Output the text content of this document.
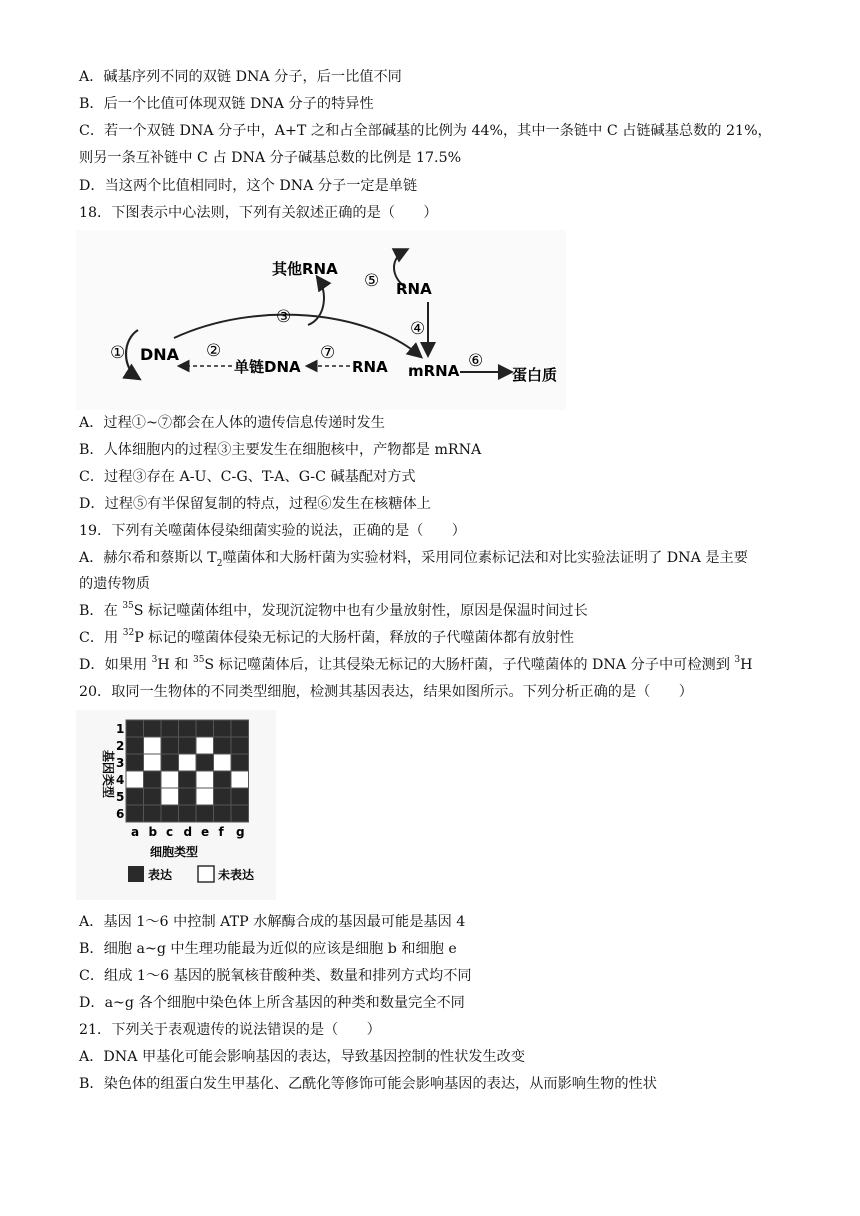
A．碱基序列不同的双链 DNA 分子，后一比值不同
B．后一个比值可体现双链 DNA 分子的特异性
C．若一个双链 DNA 分子中，A+T 之和占全部碱基的比例为 44%，其中一条链中 C 占链碱基总数的 21%，
则另一条互补链中 C 占 DNA 分子碱基总数的比例是 17.5%
D．当这两个比值相同时，这个 DNA 分子一定是单链
18．下图表示中心法则，下列有关叙述正确的是（　　）
① DNA
其他RNA
③
⑤ RNA
④
②
单链DNA
⑦
RNA mRNA ⑥
蛋白质
A．过程①~⑦都会在人体的遗传信息传递时发生
B．人体细胞内的过程③主要发生在细胞核中，产物都是 mRNA
C．过程③存在 A-U、C-G、T-A、G-C 碱基配对方式
D．过程⑤有半保留复制的特点，过程⑥发生在核糖体上
19．下列有关噬菌体侵染细菌实验的说法，正确的是（　　）
A．赫尔希和蔡斯以 $T_2$噬菌体和大肠杆菌为实验材料，采用同位素标记法和对比实验法证明了 DNA 是主要
的遗传物质
B．在 $^{35}$S 标记噬菌体组中，发现沉淀物中也有少量放射性，原因是保温时间过长
C．用 $^{32}$P 标记的噬菌体侵染无标记的大肠杆菌，释放的子代噬菌体都有放射性
D．如果用 $^3$H 和 $^{35}$S 标记噬菌体后，让其侵染无标记的大肠杆菌，子代噬菌体的 DNA 分子中可检测到 $^3$H
20．取同一生物体的不同类型细胞，检测其基因表达，结果如图所示。下列分析正确的是（　　）
基因类型
1
2
3
4
5
6
a b c d e f g
细胞类型
表达	未表达
A．基因 1～6 中控制 ATP 水解酶合成的基因最可能是基因 4
B．细胞 a~g 中生理功能最为近似的应该是细胞 b 和细胞 e
C．组成 1～6 基因的脱氧核苷酸种类、数量和排列方式均不同
D．a~g 各个细胞中染色体上所含基因的种类和数量完全不同
21．下列关于表观遗传的说法错误的是（　　）
A．DNA 甲基化可能会影响基因的表达，导致基因控制的性状发生改变
B．染色体的组蛋白发生甲基化、乙酰化等修饰可能会影响基因的表达，从而影响生物的性状
